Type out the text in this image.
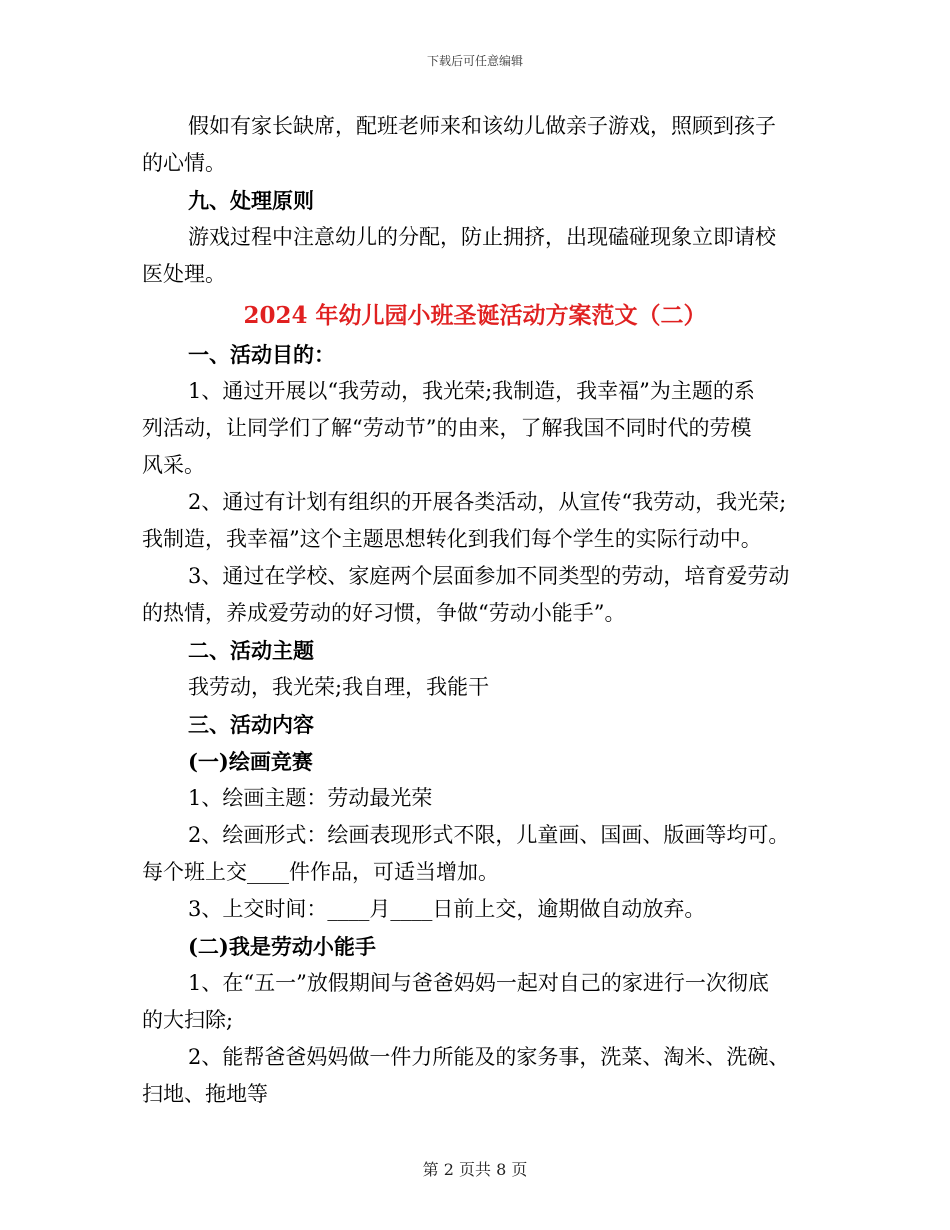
下载后可任意编辑
假如有家长缺席，配班老师来和该幼儿做亲子游戏，照顾到孩子
的心情。
九、处理原则
游戏过程中注意幼儿的分配，防止拥挤，出现磕碰现象立即请校
医处理。
2024 年幼儿园小班圣诞活动方案范文（二）
一、活动目的：
1、通过开展以“我劳动，我光荣;我制造，我幸福”为主题的系
列活动，让同学们了解“劳动节”的由来，了解我国不同时代的劳模
风采。
2、通过有计划有组织的开展各类活动，从宣传“我劳动，我光荣;
我制造，我幸福”这个主题思想转化到我们每个学生的实际行动中。
3、通过在学校、家庭两个层面参加不同类型的劳动，培育爱劳动
的热情，养成爱劳动的好习惯，争做“劳动小能手”。
二、活动主题
我劳动，我光荣;我自理，我能干
三、活动内容
(一)绘画竞赛
1、绘画主题：劳动最光荣
2、绘画形式：绘画表现形式不限，儿童画、国画、版画等均可。
每个班上交____件作品，可适当增加。
3、上交时间：____月____日前上交，逾期做自动放弃。
(二)我是劳动小能手
1、在“五一”放假期间与爸爸妈妈一起对自己的家进行一次彻底
的大扫除;
2、能帮爸爸妈妈做一件力所能及的家务事，洗菜、淘米、洗碗、
扫地、拖地等
第 2 页共 8 页
